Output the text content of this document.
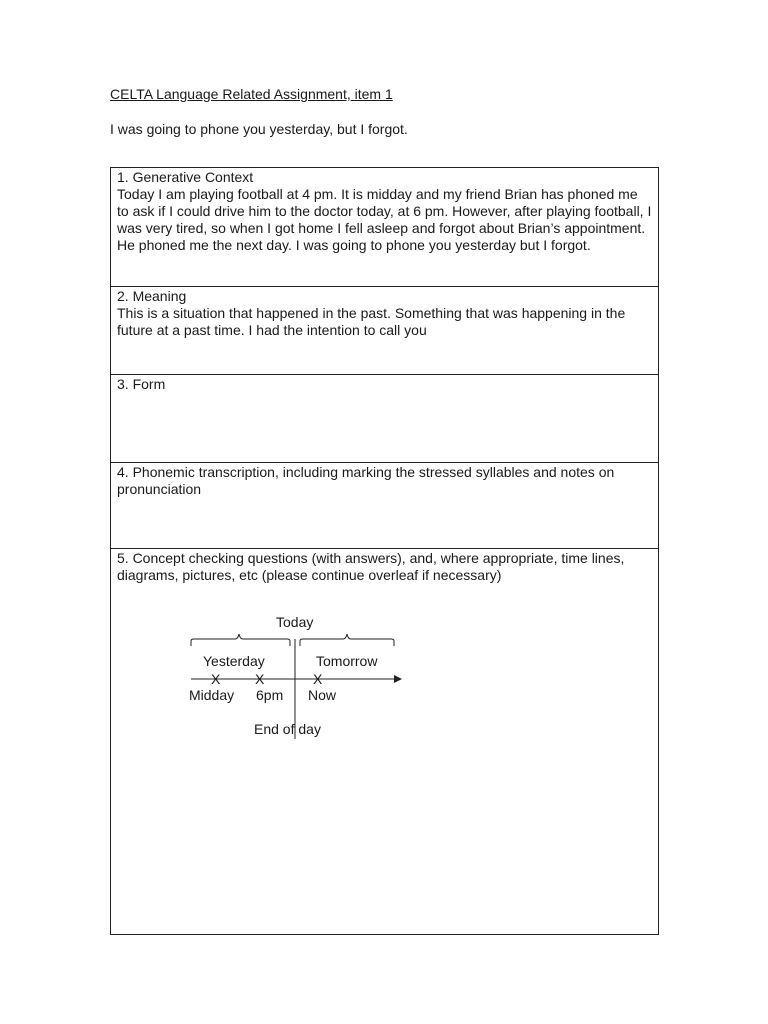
CELTA Language Related Assignment, item 1
I was going to phone you yesterday, but I forgot.
1. Generative Context
Today I am playing football at 4 pm. It is midday and my friend Brian has phoned me to ask if I could drive him to the doctor today, at 6 pm. However, after playing football, I was very tired, so when I got home I fell asleep and forgot about Brian’s appointment. He phoned me the next day. I was going to phone you yesterday but I forgot.
2. Meaning
This is a situation that happened in the past. Something that was happening in the future at a past time. I had the intention to call you
3. Form
4. Phonemic transcription, including marking the stressed syllables and notes on pronunciation
5. Concept checking questions (with answers), and, where appropriate, time lines, diagrams, pictures, etc (please continue overleaf if necessary)
Today
Yesterday	Tomorrow
X X	X
Midday 6pm Now
End of day
